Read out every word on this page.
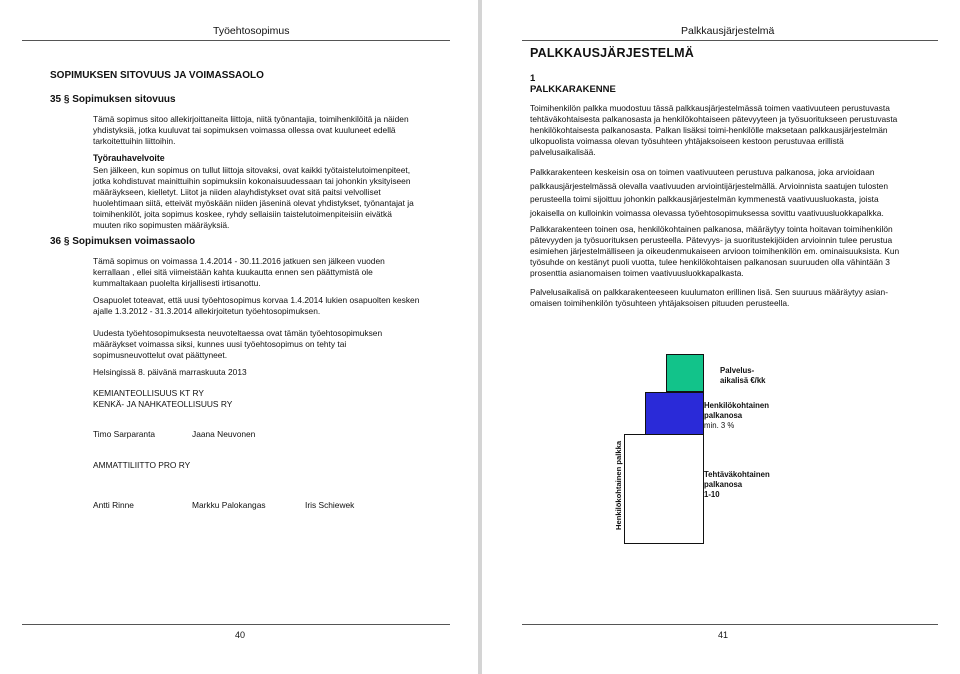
Työehtosopimus
SOPIMUKSEN SITOVUUS JA VOIMASSAOLO
35 § Sopimuksen sitovuus
Tämä sopimus sitoo allekirjoittaneita liittoja, niitä työnantajia, toimihenkilöitä ja näiden
yhdistyksiä, jotka kuuluvat tai sopimuksen voimassa ollessa ovat kuuluneet edellä
tarkoitettuihin liittoihin.
Työrauhavelvoite
Sen jälkeen, kun sopimus on tullut liittoja sitovaksi, ovat kaikki työtaistelutoimenpiteet,
jotka kohdistuvat mainittuihin sopimuksiin kokonaisuudessaan tai johonkin yksityiseen
määräykseen, kielletyt. Liitot ja niiden alayhdistykset ovat sitä paitsi velvolliset
huolehtimaan siitä, etteivät myöskään niiden jäseninä olevat yhdistykset, työnantajat ja
toimihenkilöt, joita sopimus koskee, ryhdy sellaisiin taistelutoimenpiteisiin eivätkä
muuten riko sopimusten määräyksiä.
36 § Sopimuksen voimassaolo
Tämä sopimus on voimassa 1.4.2014 - 30.11.2016 jatkuen sen jälkeen vuoden
kerrallaan , ellei sitä viimeistään kahta kuukautta ennen sen päättymistä ole
kummaltakaan puolelta kirjallisesti irtisanottu.
Osapuolet toteavat, että uusi työehtosopimus korvaa 1.4.2014 lukien osapuolten kesken
ajalle 1.3.2012 - 31.3.2014 allekirjoitetun työehtosopimuksen.
Uudesta työehtosopimuksesta neuvoteltaessa ovat tämän työehtosopimuksen
määräykset voimassa siksi, kunnes uusi työehtosopimus on tehty tai
sopimusneuvottelut ovat päättyneet.
Helsingissä 8. päivänä marraskuuta 2013
KEMIANTEOLLISUUS KT RY
KENKÄ- JA NAHKATEOLLISUUS RY
Timo Sarparanta	Jaana Neuvonen
AMMATTILIITTO PRO RY
Antti Rinne	Markku Palokangas	Iris Schiewek
40
Palkkausjärjestelmä
PALKKAUSJÄRJESTELMÄ
1
PALKKARAKENNE
Toimihenkilön palkka muodostuu tässä palkkausjärjestelmässä toimen vaativuuteen perustuvasta
tehtäväkohtaisesta palkanosasta ja henkilökohtaiseen pätevyyteen ja työsuoritukseen perustuvasta
henkilökohtaisesta palkanosasta. Palkan lisäksi toimi-henkilölle maksetaan palkkausjärjestelmän
ulkopuolista voimassa olevan työsuhteen yhtäjaksoiseen kestoon perustuvaa erillistä
palvelusaikalisää.
Palkkarakenteen keskeisin osa on toimen vaativuuteen perustuva palkanosa, joka arvioidaan
palkkausjärjestelmässä olevalla vaativuuden arviointijärjestelmällä. Arvioinnista saatujen tulosten
perusteella toimi sijoittuu johonkin palkkausjärjestelmän kymmenestä vaativuusluokasta, joista
jokaisella on kulloinkin voimassa olevassa työehtosopimuksessa sovittu vaativuusluokkapalkka.
Palkkarakenteen toinen osa, henkilökohtainen palkanosa, määräytyy tointa hoitavan toimihenkilön
pätevyyden ja työsuorituksen perusteella. Pätevyys- ja suoritustekijöiden arvioinnin tulee perustua
esimiehen järjestelmälliseen ja oikeudenmukaiseen arvioon toimihenkilön em. ominaisuuksista. Kun
työsuhde on kestänyt puoli vuotta, tulee henkilökohtaisen palkanosan suuruuden olla vähintään 3
prosenttia asianomaisen toimen vaativuusluokkapalkasta.
Palvelusaikalisä on palkkarakenteeseen kuulumaton erillinen lisä. Sen suuruus määräytyy asian-
omaisen toimihenkilön työsuhteen yhtäjaksoisen pituuden perusteella.
Henkilökohtainen palkka
Palvelus-
aikalisä €/kk
Henkilökohtainen
palkanosa
min. 3 %
Tehtäväkohtainen
palkanosa
1-10
41
